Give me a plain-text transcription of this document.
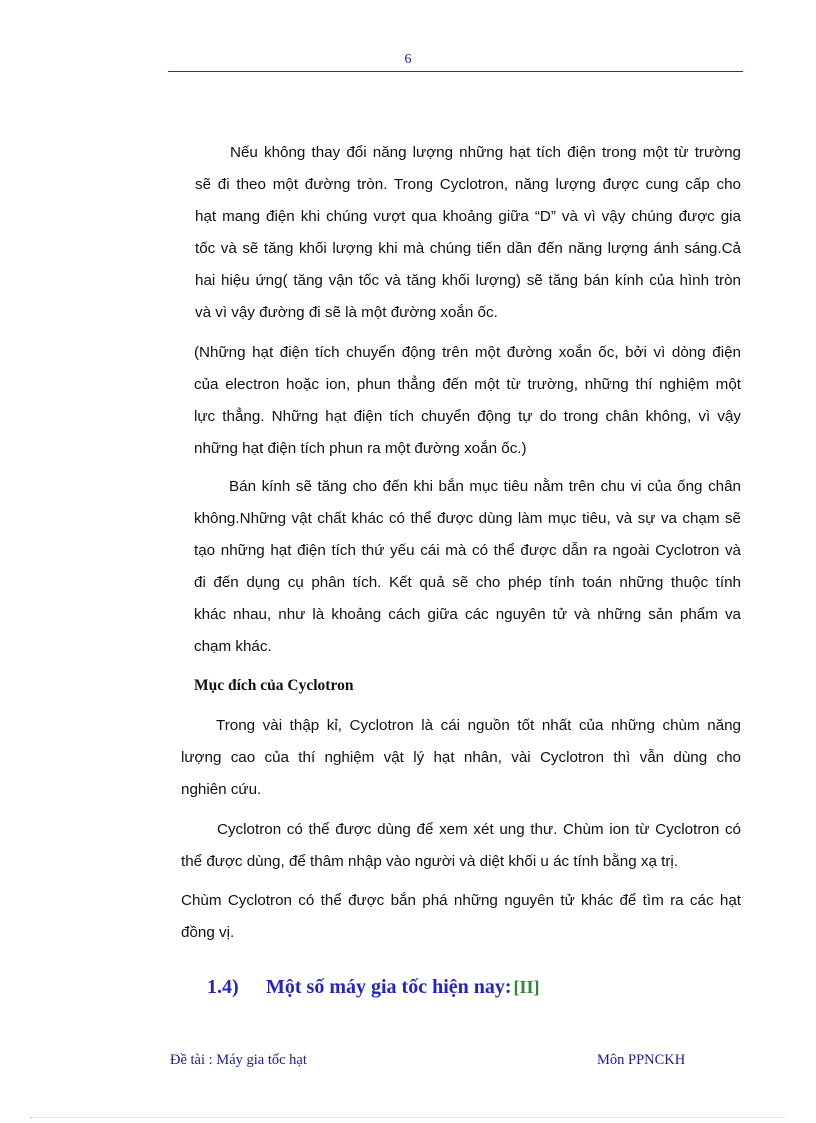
6
Nếu không thay đổi năng lượng những hạt tích điện trong một từ trường
sẽ đi theo một đường tròn. Trong Cyclotron, năng lượng được cung cấp cho
hạt mang điện khi chúng vượt qua khoảng giữa “D” và vì vậy chúng được gia
tốc và sẽ tăng khối lượng khi mà chúng tiến dần đến năng lượng ánh sáng.Cả
hai hiệu ứng( tăng vận tốc và tăng khối lượng) sẽ tăng bán kính của hình tròn
và vì vậy đường đi sẽ là một đường xoắn ốc.
(Những hạt điện tích chuyển động trên một đường xoắn ốc, bởi vì dòng điện
của electron hoặc ion, phun thẳng đến một từ trường, những thí nghiệm một
lực thẳng. Những hạt điện tích chuyển động tự do trong chân không, vì vậy
những hạt điện tích phun ra một đường xoắn ốc.)
Bán kính sẽ tăng cho đến khi bắn mục tiêu nằm trên chu vi của ống chân
không.Những vật chất khác có thể được dùng làm mục tiêu, và sự va chạm sẽ
tạo những hạt điện tích thứ yếu cái mà có thể được dẫn ra ngoài Cyclotron và
đi đến dụng cụ phân tích. Kết quả sẽ cho phép tính toán những thuộc tính
khác nhau, như là khoảng cách giữa các nguyên tử và những sản phẩm va
chạm khác.
Mục đích của Cyclotron
Trong vài thập kỉ, Cyclotron là cái nguồn tốt nhất của những chùm năng
lượng cao của thí nghiệm vật lý hạt nhân, vài Cyclotron thì vẫn dùng cho
nghiên cứu.
Cyclotron có thể được dùng để xem xét ung thư. Chùm ion từ Cyclotron có
thể được dùng, để thâm nhập vào người và diệt khối u ác tính bằng xạ trị.
Chùm Cyclotron có thể được bắn phá những nguyên tử khác để tìm ra các hạt
đồng vị.
1.4) Một số máy gia tốc hiện nay: [II]
Đề tài : Máy gia tốc hạt	Môn PPNCKH
